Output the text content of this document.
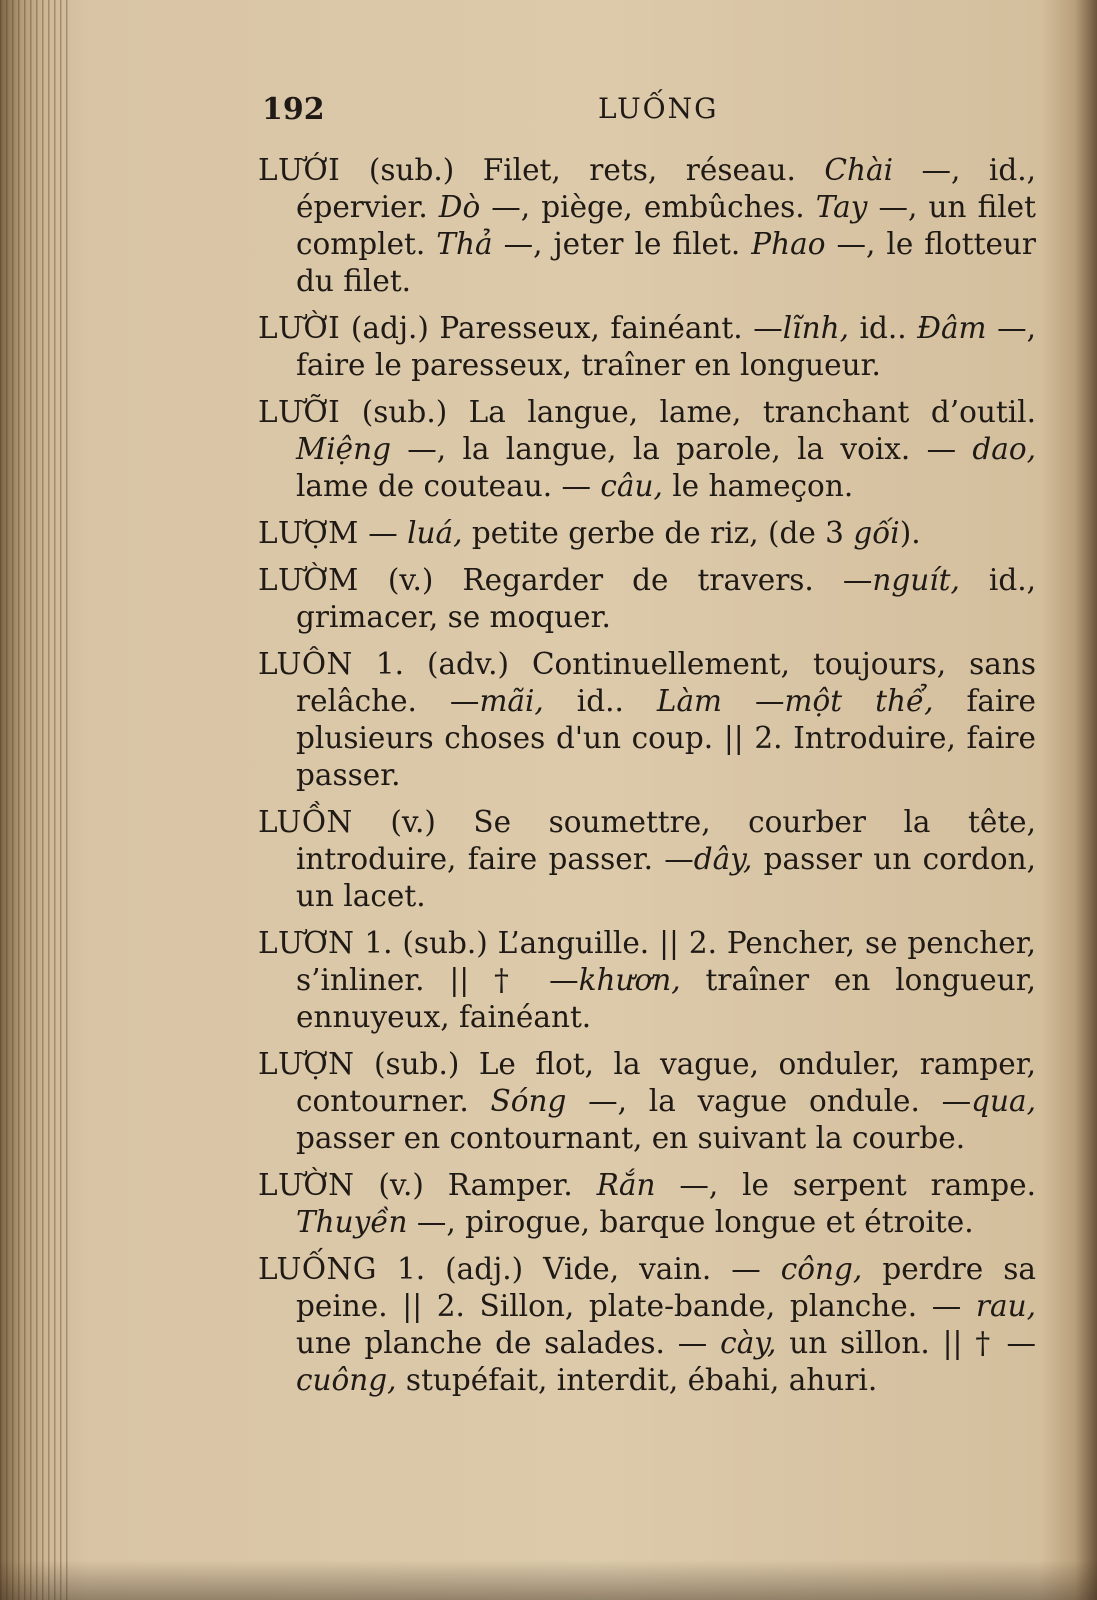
192	LUỐNG

LƯỚI (sub.) Filet, rets, réseau. Chài —, id., épervier. Dò —, piège, embûches. Tay —, un filet complet. Thả —, jeter le filet. Phao —, le flotteur du filet.

LƯỜI (adj.) Paresseux, fainéant. —lĩnh, id.. Đâm —, faire le paresseux, traîner en longueur.

LƯỠI (sub.) La langue, lame, tranchant d’outil. Miệng —, la langue, la parole, la voix. — dao, lame de couteau. — câu, le hameçon.

LƯỢM — luá, petite gerbe de riz, (de 3 gối).

LƯỜM (v.) Regarder de travers. —nguít, id., grimacer, se moquer.

LUÔN 1. (adv.) Continuellement, toujours, sans relâche. —mãi, id.. Làm —một thể, faire plusieurs choses d'un coup. || 2. Introduire, faire passer.

LUỒN (v.) Se soumettre, courber la tête, introduire, faire passer. —dây, passer un cordon, un lacet.

LƯƠN 1. (sub.) L’anguille. || 2. Pencher, se pencher, s’inliner. || † —khươn, traîner en longueur, ennuyeux, fainéant.

LƯỢN (sub.) Le flot, la vague, onduler, ramper, contourner. Sóng —, la vague ondule. —qua, passer en contournant, en suivant la courbe.

LƯỜN (v.) Ramper. Rắn —, le serpent rampe. Thuyền —, pirogue, barque longue et étroite.

LUỐNG 1. (adj.) Vide, vain. — công, perdre sa peine. || 2. Sillon, plate-bande, planche. — rau, une planche de salades. — cày, un sillon. || † — cuông, stupéfait, interdit, ébahi, ahuri.
